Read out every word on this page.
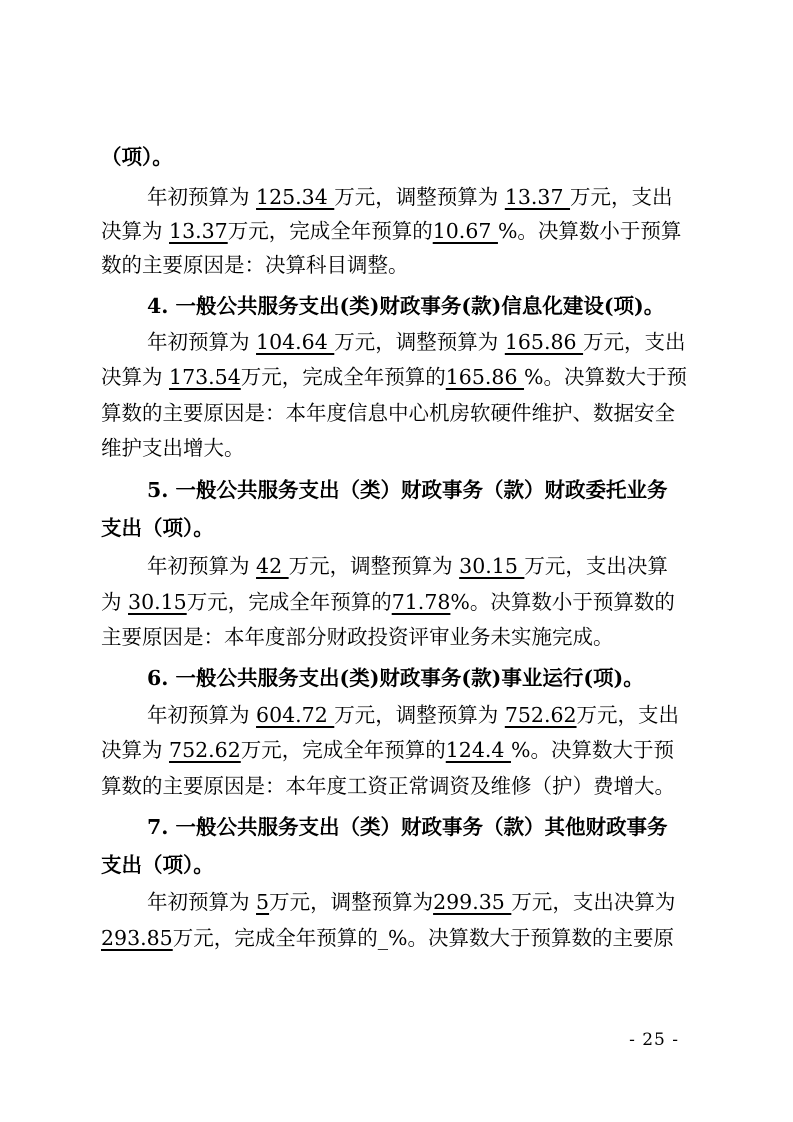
（项）。
年初预算为 125.34 万元，调整预算为 13.37 万元，支出
决算为 13.37万元，完成全年预算的10.67 %。决算数小于预算
数的主要原因是：决算科目调整。
4. 一般公共服务支出(类)财政事务(款)信息化建设(项)。
年初预算为 104.64 万元，调整预算为 165.86 万元，支出
决算为 173.54万元，完成全年预算的165.86 %。决算数大于预
算数的主要原因是：本年度信息中心机房软硬件维护、数据安全
维护支出增大。
5. 一般公共服务支出（类）财政事务（款）财政委托业务
支出（项）。
年初预算为 42 万元，调整预算为 30.15 万元，支出决算
为 30.15万元，完成全年预算的71.78%。决算数小于预算数的
主要原因是：本年度部分财政投资评审业务未实施完成。
6. 一般公共服务支出(类)财政事务(款)事业运行(项)。
年初预算为 604.72 万元，调整预算为 752.62万元，支出
决算为 752.62万元，完成全年预算的124.4 %。决算数大于预
算数的主要原因是：本年度工资正常调资及维修（护）费增大。
7. 一般公共服务支出（类）财政事务（款）其他财政事务
支出（项）。
年初预算为 5万元，调整预算为299.35 万元，支出决算为
293.85万元，完成全年预算的_%。决算数大于预算数的主要原
- 25 -
